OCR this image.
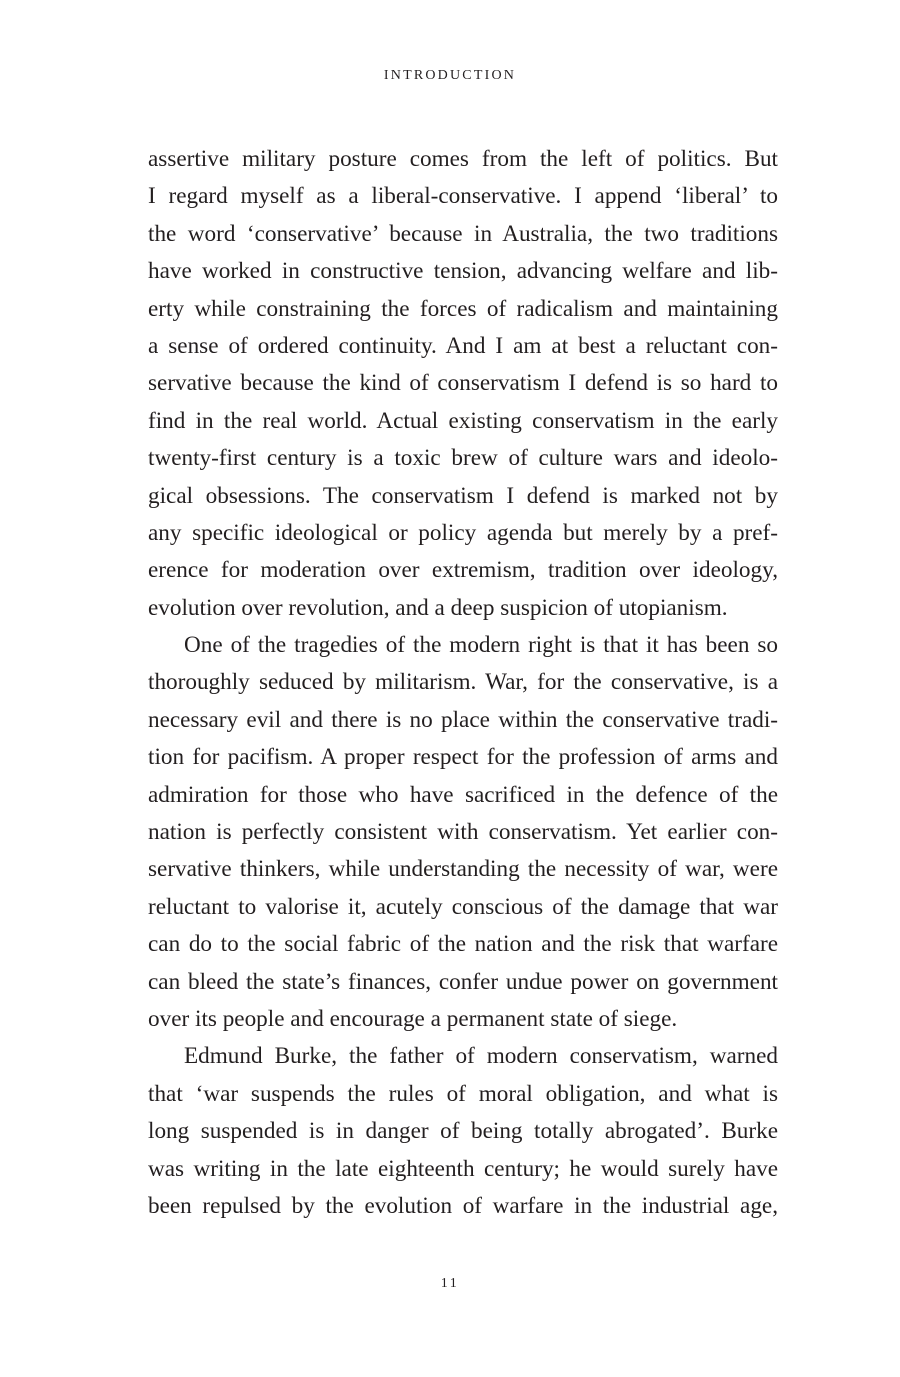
INTRODUCTION
assertive military posture comes from the left of politics. But
I regard myself as a liberal-conservative. I append ‘liberal’ to
the word ‘conservative’ because in Australia, the two traditions
have worked in constructive tension, advancing welfare and lib-
erty while constraining the forces of radicalism and maintaining
a sense of ordered continuity. And I am at best a reluctant con-
servative because the kind of conservatism I defend is so hard to
find in the real world. Actual existing conservatism in the early
twenty-first century is a toxic brew of culture wars and ideolo-
gical obsessions. The conservatism I defend is marked not by
any specific ideological or policy agenda but merely by a pref-
erence for moderation over extremism, tradition over ideology,
evolution over revolution, and a deep suspicion of utopianism.
One of the tragedies of the modern right is that it has been so
thoroughly seduced by militarism. War, for the conservative, is a
necessary evil and there is no place within the conservative tradi-
tion for pacifism. A proper respect for the profession of arms and
admiration for those who have sacrificed in the defence of the
nation is perfectly consistent with conservatism. Yet earlier con-
servative thinkers, while understanding the necessity of war, were
reluctant to valorise it, acutely conscious of the damage that war
can do to the social fabric of the nation and the risk that warfare
can bleed the state’s finances, confer undue power on government
over its people and encourage a permanent state of siege.
Edmund Burke, the father of modern conservatism, warned
that ‘war suspends the rules of moral obligation, and what is
long suspended is in danger of being totally abrogated’. Burke
was writing in the late eighteenth century; he would surely have
been repulsed by the evolution of warfare in the industrial age,
11
